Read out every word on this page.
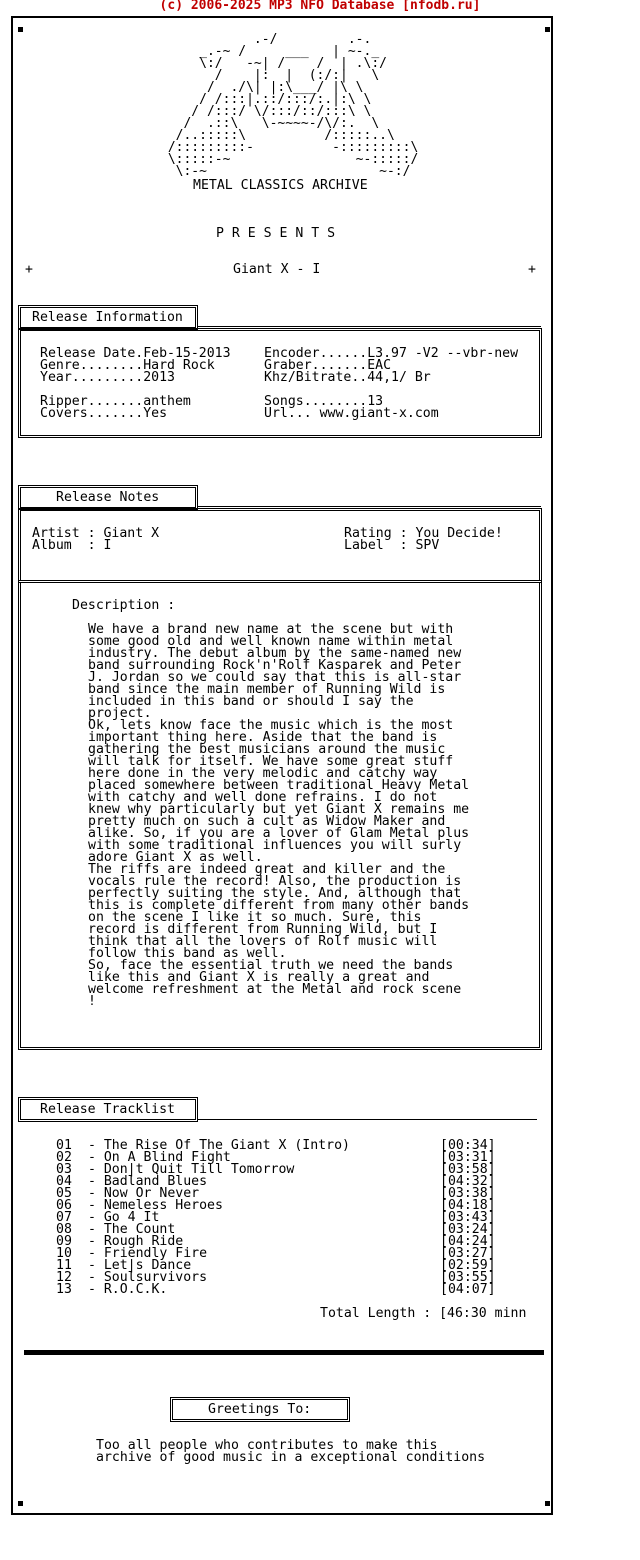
(c) 2006-2025 MP3 NFO Database [nfodb.ru]
.-/         .-.
_.-~ /     ___   | ~-._
\:/   -~| /    /  | .\:/
/    |:  |  (:/:|   \
/  ./\| |:\___/ |\ \
/ /:::|.::/:::/:.|:\ \
/ /:::/ \/:::/::/:::\ \
/  .::\   \-~~~~-/\/:.  \
/..:::::\          /:::::..\
/:::::::::-          -:::::::::\
\:::::-~                ~-:::::/
\:-~                      ~-:/
METAL CLASSICS ARCHIVE
P R E S E N T S
+	Giant X - I	+
Release Information
Release Date.Feb-15-2013
Genre........Hard Rock
Year.........2013

Ripper.......anthem
Covers.......Yes
Encoder......L3.97 -V2 --vbr-new
Graber.......EAC
Khz/Bitrate..44,1/ Br

Songs........13
Url... www.giant-x.com
Release Notes
Artist : Giant X
Album  : I
Rating : You Decide!
Label  : SPV
Description :
We have a brand new name at the scene but with
some good old and well known name within metal
industry. The debut album by the same-named new
band surrounding Rock'n'Rolf Kasparek and Peter
J. Jordan so we could say that this is all-star
band since the main member of Running Wild is
included in this band or should I say the
project.
Ok, lets know face the music which is the most
important thing here. Aside that the band is
gathering the best musicians around the music
will talk for itself. We have some great stuff
here done in the very melodic and catchy way
placed somewhere between traditional Heavy Metal
with catchy and well done refrains. I do not
knew why particularly but yet Giant X remains me
pretty much on such a cult as Widow Maker and
alike. So, if you are a lover of Glam Metal plus
with some traditional influences you will surly
adore Giant X as well.
The riffs are indeed great and killer and the
vocals rule the record! Also, the production is
perfectly suiting the style. And, although that
this is complete different from many other bands
on the scene I like it so much. Sure, this
record is different from Running Wild, but I
think that all the lovers of Rolf music will
follow this band as well.
So, face the essential truth we need the bands
like this and Giant X is really a great and
welcome refreshment at the Metal and rock scene
!
Release Tracklist
01 - The Rise Of The Giant X (Intro)	[00:34]
02 - On A Blind Fight	[03:31]
03 - Don|t Quit Till Tomorrow	[03:58]
04 - Badland Blues	[04:32]
05 - Now Or Never	[03:38]
06 - Nemeless Heroes	[04:18]
07 - Go 4 It	[03:43]
08 - The Count	[03:24]
09 - Rough Ride	[04:24]
10 - Friendly Fire	[03:27]
11 - Let|s Dance	[02:59]
12 - Soulsurvivors	[03:55]
13 - R.O.C.K.	[04:07]
Total Length : [46:30 minn
Greetings To:
Too all people who contributes to make this
archive of good music in a exceptional conditions
